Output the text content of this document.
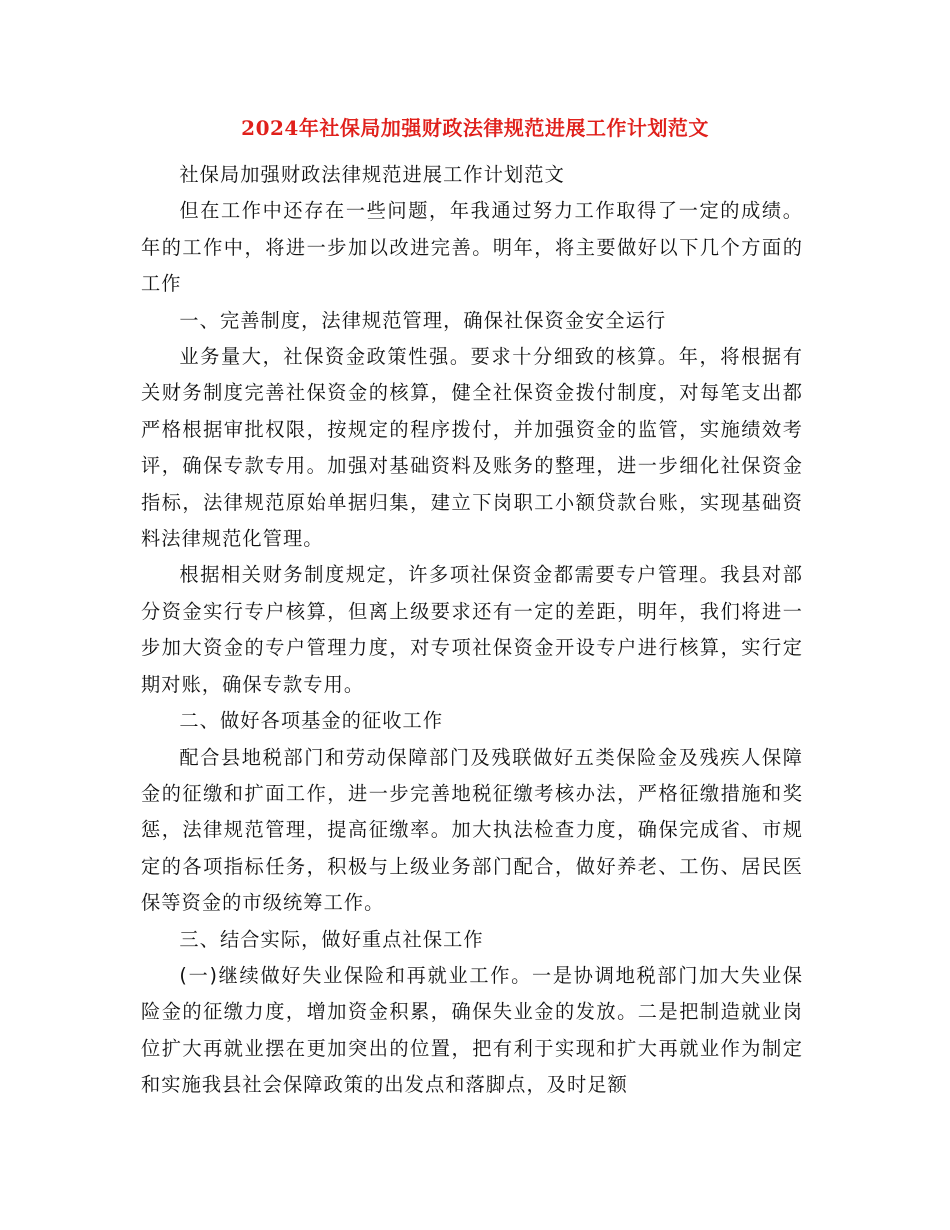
2024年社保局加强财政法律规范进展工作计划范文

社保局加强财政法律规范进展工作计划范文

但在工作中还存在一些问题，年我通过努力工作取得了一定的成绩。年的工作中，将进一步加以改进完善。明年，将主要做好以下几个方面的工作

一、完善制度，法律规范管理，确保社保资金安全运行

业务量大，社保资金政策性强。要求十分细致的核算。年，将根据有关财务制度完善社保资金的核算，健全社保资金拨付制度，对每笔支出都严格根据审批权限，按规定的程序拨付，并加强资金的监管，实施绩效考评，确保专款专用。加强对基础资料及账务的整理，进一步细化社保资金指标，法律规范原始单据归集，建立下岗职工小额贷款台账，实现基础资料法律规范化管理。

根据相关财务制度规定，许多项社保资金都需要专户管理。我县对部分资金实行专户核算，但离上级要求还有一定的差距，明年，我们将进一步加大资金的专户管理力度，对专项社保资金开设专户进行核算，实行定期对账，确保专款专用。

二、做好各项基金的征收工作

配合县地税部门和劳动保障部门及残联做好五类保险金及残疾人保障金的征缴和扩面工作，进一步完善地税征缴考核办法，严格征缴措施和奖惩，法律规范管理，提高征缴率。加大执法检查力度，确保完成省、市规定的各项指标任务，积极与上级业务部门配合，做好养老、工伤、居民医保等资金的市级统筹工作。

三、结合实际，做好重点社保工作

(一)继续做好失业保险和再就业工作。一是协调地税部门加大失业保险金的征缴力度，增加资金积累，确保失业金的发放。二是把制造就业岗位扩大再就业摆在更加突出的位置，把有利于实现和扩大再就业作为制定和实施我县社会保障政策的出发点和落脚点，及时足额
